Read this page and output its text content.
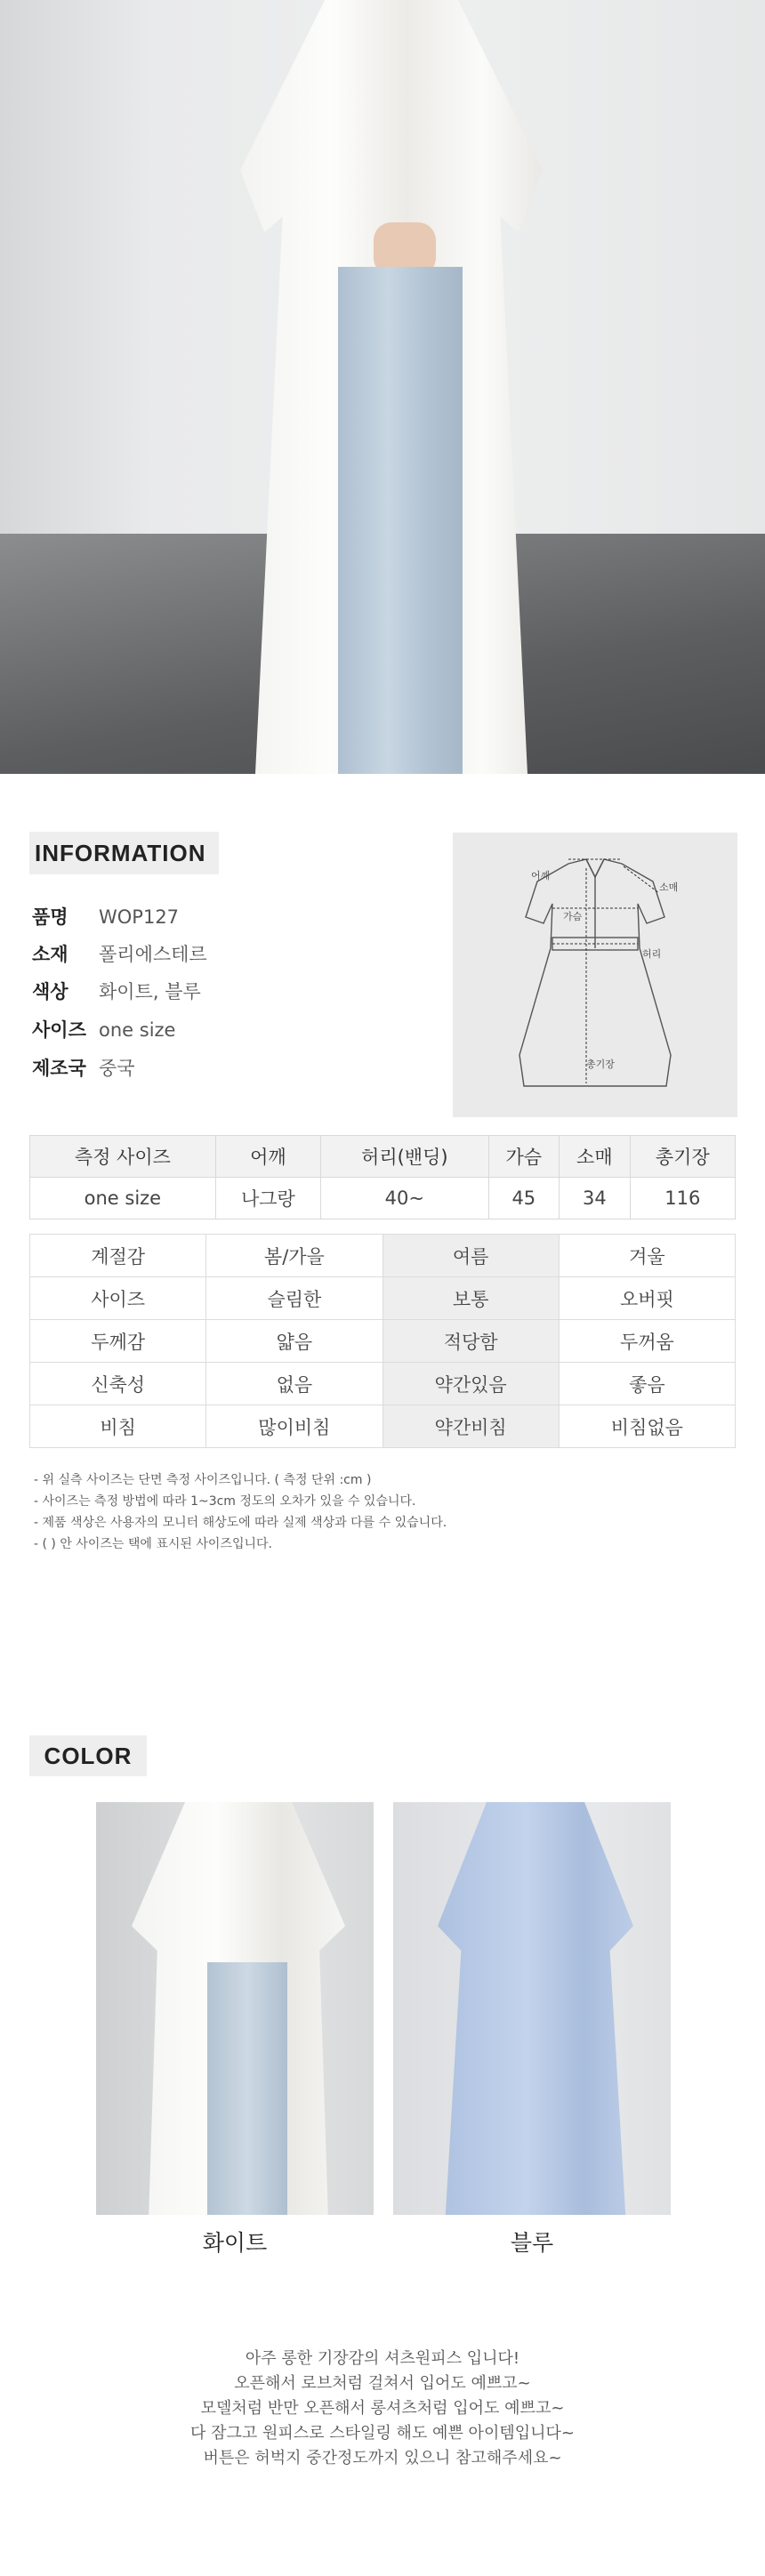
INFORMATION
품명 WOP127
소재 폴리에스테르
색상 화이트, 블루
사이즈 one size
제조국 중국
어깨
소매
가슴
허리
총기장
측정 사이즈	어깨	허리(밴딩)	가슴	소매	총기장
one size	나그랑	40~	45	34	116
계절감	봄/가을	여름	겨울
사이즈	슬림한	보통	오버핏
두께감	얇음	적당함	두꺼움
신축성	없음	약간있음	좋음
비침	많이비침	약간비침	비침없음
- 위 실측 사이즈는 단면 측정 사이즈입니다. ( 측정 단위 :cm )
- 사이즈는 측정 방법에 따라 1~3cm 정도의 오차가 있을 수 있습니다.
- 제품 색상은 사용자의 모니터 해상도에 따라 실제 색상과 다를 수 있습니다.
- ( ) 안 사이즈는 택에 표시된 사이즈입니다.
COLOR
화이트	블루
아주 롱한 기장감의 셔츠원피스 입니다!
오픈해서 로브처럼 걸쳐서 입어도 예쁘고~
모델처럼 반만 오픈해서 롱셔츠처럼 입어도 예쁘고~
다 잠그고 원피스로 스타일링 해도 예쁜 아이템입니다~
버튼은 허벅지 중간정도까지 있으니 참고해주세요~
